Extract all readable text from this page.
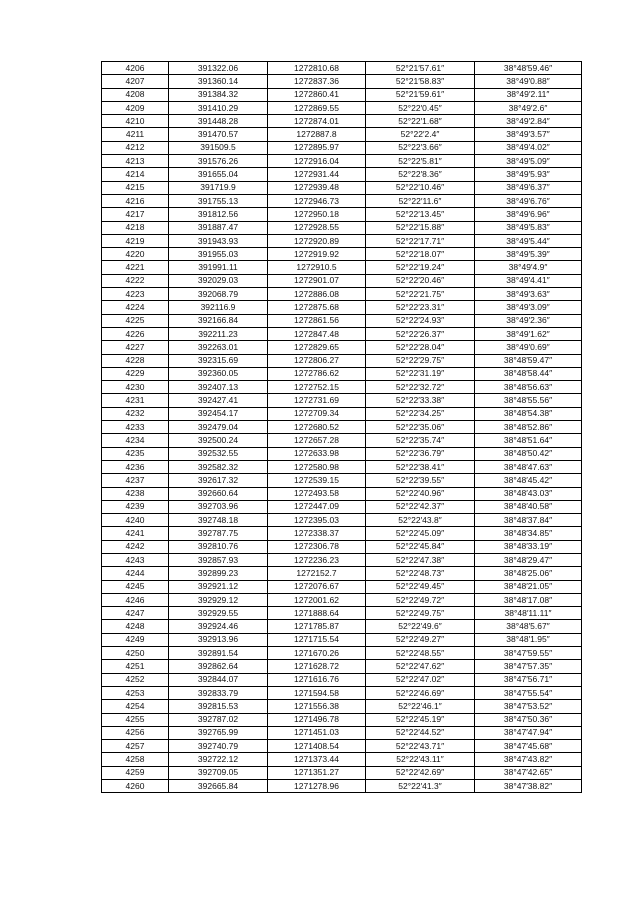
4206	391322.06	1272810.68	52°21′57.61″	38°48′59.46″
4207	391360.14	1272837.36	52°21′58.83″	38°49′0.88″
4208	391384.32	1272860.41	52°21′59.61″	38°49′2.11″
4209	391410.29	1272869.55	52°22′0.45″	38°49′2.6″
4210	391448.28	1272874.01	52°22′1.68″	38°49′2.84″
4211	391470.57	1272887.8	52°22′2.4″	38°49′3.57″
4212	391509.5	1272895.97	52°22′3.66″	38°49′4.02″
4213	391576.26	1272916.04	52°22′5.81″	38°49′5.09″
4214	391655.04	1272931.44	52°22′8.36″	38°49′5.93″
4215	391719.9	1272939.48	52°22′10.46″	38°49′6.37″
4216	391755.13	1272946.73	52°22′11.6″	38°49′6.76″
4217	391812.56	1272950.18	52°22′13.45″	38°49′6.96″
4218	391887.47	1272928.55	52°22′15.88″	38°49′5.83″
4219	391943.93	1272920.89	52°22′17.71″	38°49′5.44″
4220	391955.03	1272919.92	52°22′18.07″	38°49′5.39″
4221	391991.11	1272910.5	52°22′19.24″	38°49′4.9″
4222	392029.03	1272901.07	52°22′20.46″	38°49′4.41″
4223	392068.79	1272886.08	52°22′21.75″	38°49′3.63″
4224	392116.9	1272875.68	52°22′23.31″	38°49′3.09″
4225	392166.84	1272861.56	52°22′24.93″	38°49′2.36″
4226	392211.23	1272847.48	52°22′26.37″	38°49′1.62″
4227	392263.01	1272829.65	52°22′28.04″	38°49′0.69″
4228	392315.69	1272806.27	52°22′29.75″	38°48′59.47″
4229	392360.05	1272786.62	52°22′31.19″	38°48′58.44″
4230	392407.13	1272752.15	52°22′32.72″	38°48′56.63″
4231	392427.41	1272731.69	52°22′33.38″	38°48′55.56″
4232	392454.17	1272709.34	52°22′34.25″	38°48′54.38″
4233	392479.04	1272680.52	52°22′35.06″	38°48′52.86″
4234	392500.24	1272657.28	52°22′35.74″	38°48′51.64″
4235	392532.55	1272633.98	52°22′36.79″	38°48′50.42″
4236	392582.32	1272580.98	52°22′38.41″	38°48′47.63″
4237	392617.32	1272539.15	52°22′39.55″	38°48′45.42″
4238	392660.64	1272493.58	52°22′40.96″	38°48′43.03″
4239	392703.96	1272447.09	52°22′42.37″	38°48′40.58″
4240	392748.18	1272395.03	52°22′43.8″	38°48′37.84″
4241	392787.75	1272338.37	52°22′45.09″	38°48′34.85″
4242	392810.76	1272306.78	52°22′45.84″	38°48′33.19″
4243	392857.93	1272236.23	52°22′47.38″	38°48′29.47″
4244	392899.23	1272152.7	52°22′48.73″	38°48′25.06″
4245	392921.12	1272076.67	52°22′49.45″	38°48′21.05″
4246	392929.12	1272001.62	52°22′49.72″	38°48′17.08″
4247	392929.55	1271888.64	52°22′49.75″	38°48′11.11″
4248	392924.46	1271785.87	52°22′49.6″	38°48′5.67″
4249	392913.96	1271715.54	52°22′49.27″	38°48′1.95″
4250	392891.54	1271670.26	52°22′48.55″	38°47′59.55″
4251	392862.64	1271628.72	52°22′47.62″	38°47′57.35″
4252	392844.07	1271616.76	52°22′47.02″	38°47′56.71″
4253	392833.79	1271594.58	52°22′46.69″	38°47′55.54″
4254	392815.53	1271556.38	52°22′46.1″	38°47′53.52″
4255	392787.02	1271496.78	52°22′45.19″	38°47′50.36″
4256	392765.99	1271451.03	52°22′44.52″	38°47′47.94″
4257	392740.79	1271408.54	52°22′43.71″	38°47′45.68″
4258	392722.12	1271373.44	52°22′43.11″	38°47′43.82″
4259	392709.05	1271351.27	52°22′42.69″	38°47′42.65″
4260	392665.84	1271278.96	52°22′41.3″	38°47′38.82″
